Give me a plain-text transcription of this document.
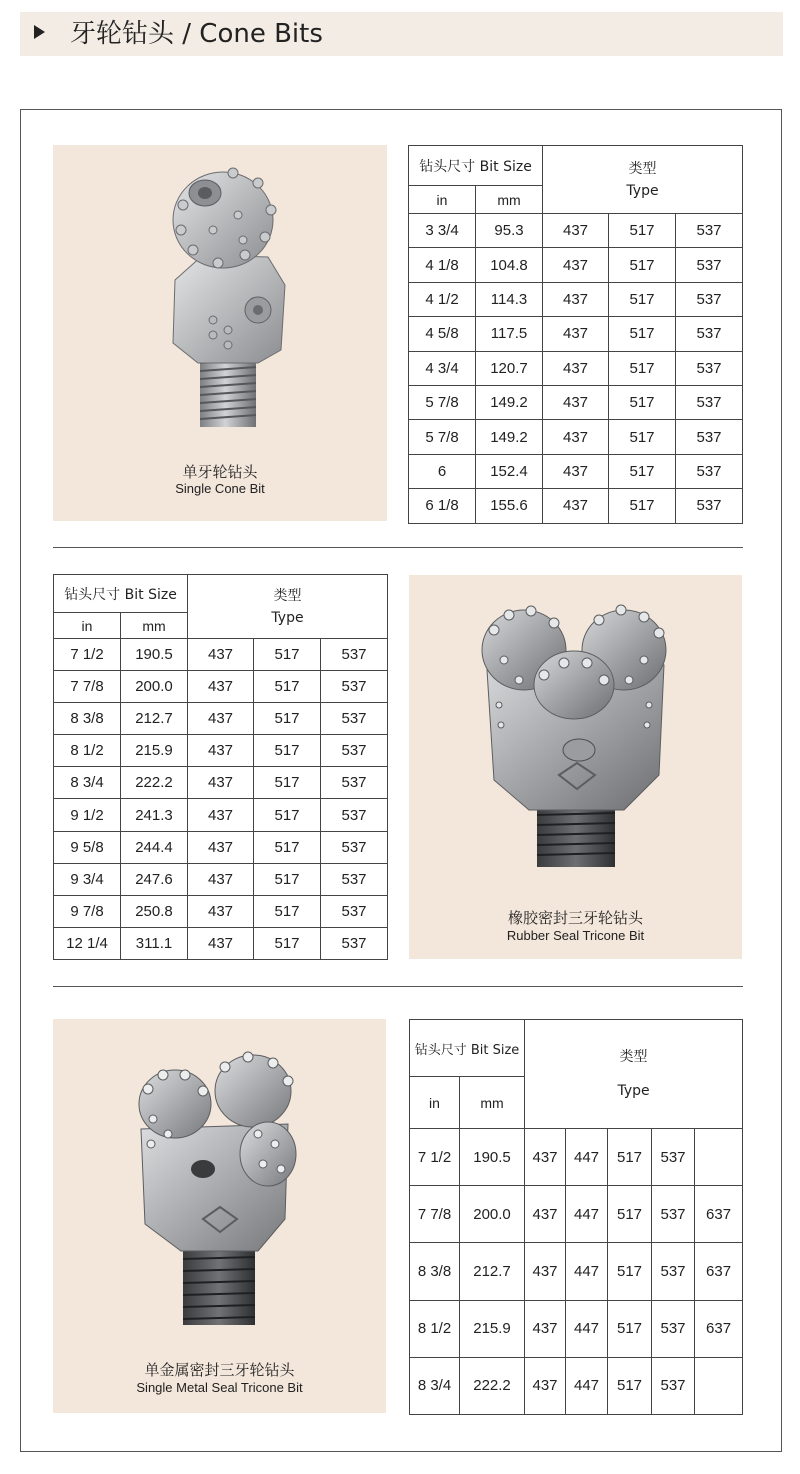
牙轮钻头 / Cone Bits
单牙轮钻头
Single Cone Bit
钻头尺寸 Bit Size		类型
Type		

in	mm			
3 3/4	95.3	437	517	537
4 1/8	104.8	437	517	537
4 1/2	114.3	437	517	537
4 5/8	117.5	437	517	537
4 3/4	120.7	437	517	537
5 7/8	149.2	437	517	537
5 7/8	149.2	437	517	537
6	152.4	437	517	537
6 1/8	155.6	437	517	537
钻头尺寸 Bit Size		类型
Type		

in	mm			
7 1/2	190.5	437	517	537
7 7/8	200.0	437	517	537
8 3/8	212.7	437	517	537
8 1/2	215.9	437	517	537
8 3/4	222.2	437	517	537
9 1/2	241.3	437	517	537
9 5/8	244.4	437	517	537
9 3/4	247.6	437	517	537
9 7/8	250.8	437	517	537
12 1/4	311.1	437	517	537
橡胶密封三牙轮钻头
Rubber Seal Tricone Bit
单金属密封三牙轮钻头
Single Metal Seal Tricone Bit
钻头尺寸 Bit Size		类型
Type				

in	mm					
7 1/2	190.5	437	447	517	537	
7 7/8	200.0	437	447	517	537	637
8 3/8	212.7	437	447	517	537	637
8 1/2	215.9	437	447	517	537	637
8 3/4	222.2	437	447	517	537	
